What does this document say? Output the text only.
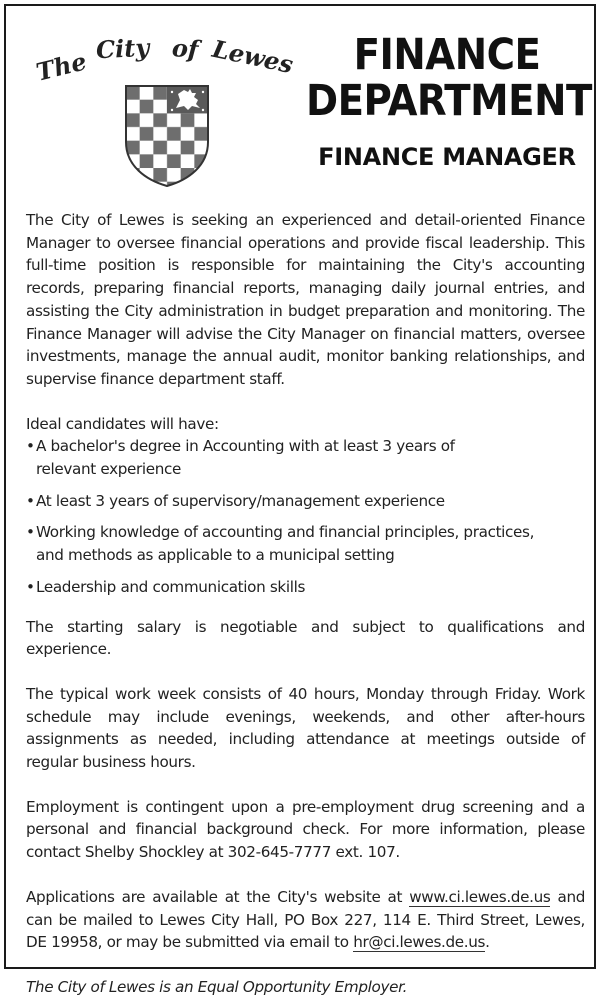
The City of Lewes	FINANCE
DEPARTMENT
FINANCE MANAGER

The City of Lewes is seeking an experienced and detail-oriented Finance Manager to oversee financial operations and provide fiscal leadership. This full-time position is responsible for maintaining the City's accounting records, preparing financial reports, managing daily journal entries, and assisting the City administration in budget preparation and monitoring. The Finance Manager will advise the City Manager on financial matters, oversee investments, manage the annual audit, monitor banking relationships, and supervise finance department staff.

Ideal candidates will have:

•A bachelor's degree in Accounting with at least 3 years of relevant experience
•At least 3 years of supervisory/management experience
•Working knowledge of accounting and financial principles, practices, and methods as applicable to a municipal setting
•Leadership and communication skills

The starting salary is negotiable and subject to qualifications and experience.

The typical work week consists of 40 hours, Monday through Friday. Work schedule may include evenings, weekends, and other after-hours assignments as needed, including attendance at meetings outside of regular business hours.

Employment is contingent upon a pre-employment drug screening and a personal and financial background check. For more information, please contact Shelby Shockley at 302-645-7777 ext. 107.

Applications are available at the City's website at www.ci.lewes.de.us and can be mailed to Lewes City Hall, PO Box 227, 114 E. Third Street, Lewes, DE 19958, or may be submitted via email to hr@ci.lewes.de.us.

The City of Lewes is an Equal Opportunity Employer.
